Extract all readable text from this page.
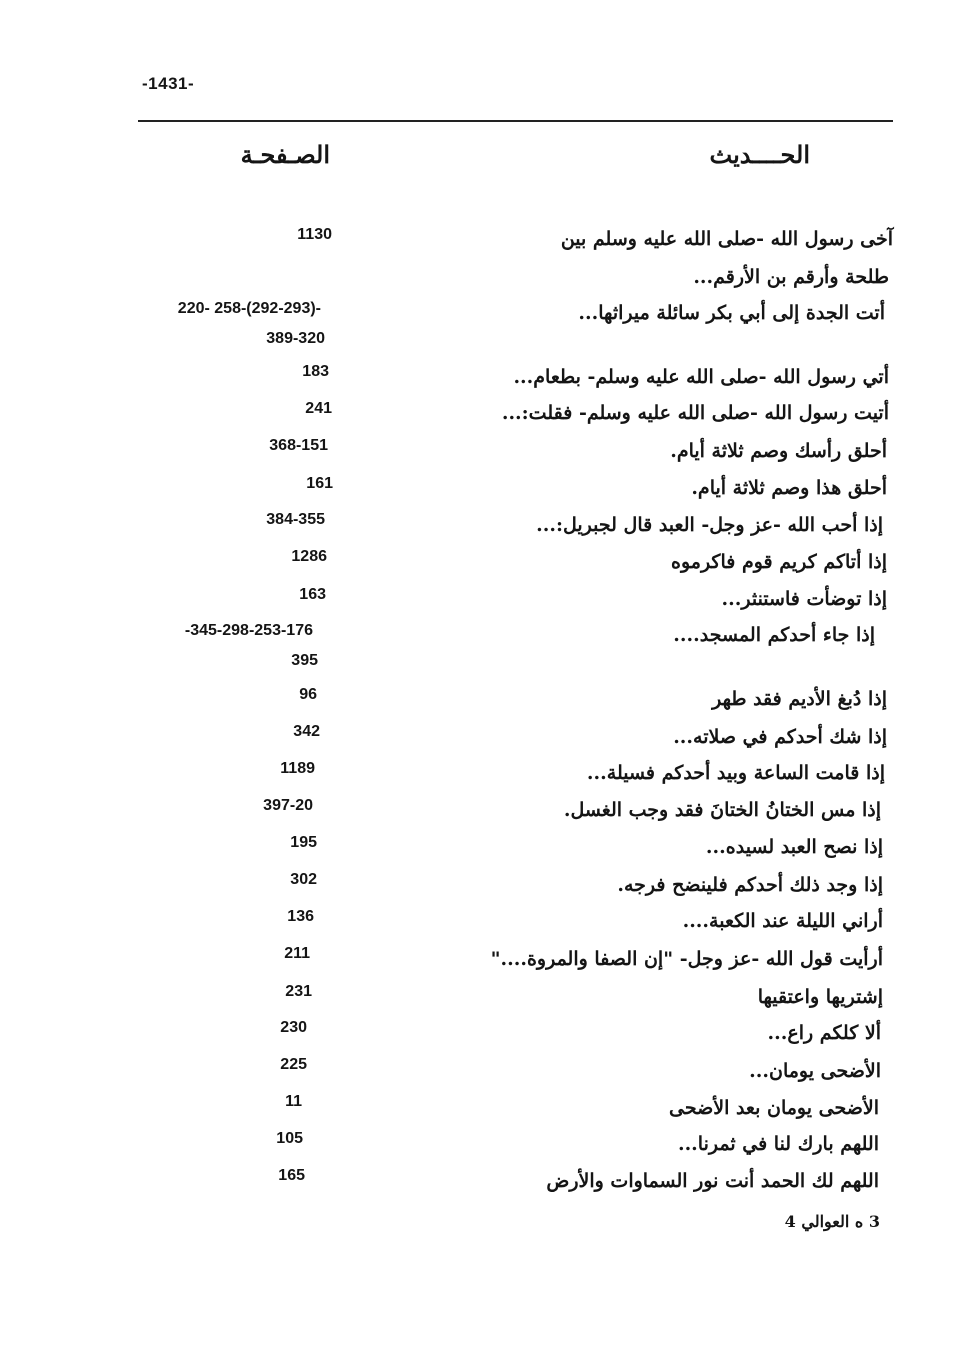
-1431-
الحــــديث
الصـفحـة
آخى رسول الله -صلى الله عليه وسلم بين
1130
طلحة وأرقم بن الأرقم...
أتت الجدة إلى أبي بكر سائلة ميراثها...
220- 258-(292-293)-
389-320
أتي رسول الله -صلى الله عليه وسلم- بطعام...
183
أتيت رسول الله -صلى الله عليه وسلم- فقلت:...
241
أحلق رأسك وصم ثلاثة أيام.
368-151
أحلق هذا وصم ثلاثة أيام.
161
إذا أحب الله -عز وجل- العبد قال لجبريل:...
384-355
إذا أتاكم كريم قوم فاكرموه
1286
إذا توضأت فاستنثر...
163
إذا جاء أحدكم المسجد....
-345-298-253-176
395
إذا دُبغ الأديم فقد طهر
96
إذا شك أحدكم في صلاته...
342
إذا قامت الساعة وبيد أحدكم فسيلة...
1189
إذا مس الختانُ الختانَ فقد وجب الغسل.
397-20
إذا نصح العبد لسيده...
195
إذا وجد ذلك أحدكم فلينضح فرجه.
302
أراني الليلة عند الكعبة....
136
أرأيت قول الله -عز وجل- "إن الصفا والمروة...."
211
إشتريها واعتقيها
231
ألا كلكم راع...
230
الأضحى يومان...
225
الأضحى يومان بعد الأضحى
11
اللهم بارك لنا في ثمرنا...
105
اللهم لك الحمد أنت نور السماوات والأرض
165
3 ه العوالي 4
